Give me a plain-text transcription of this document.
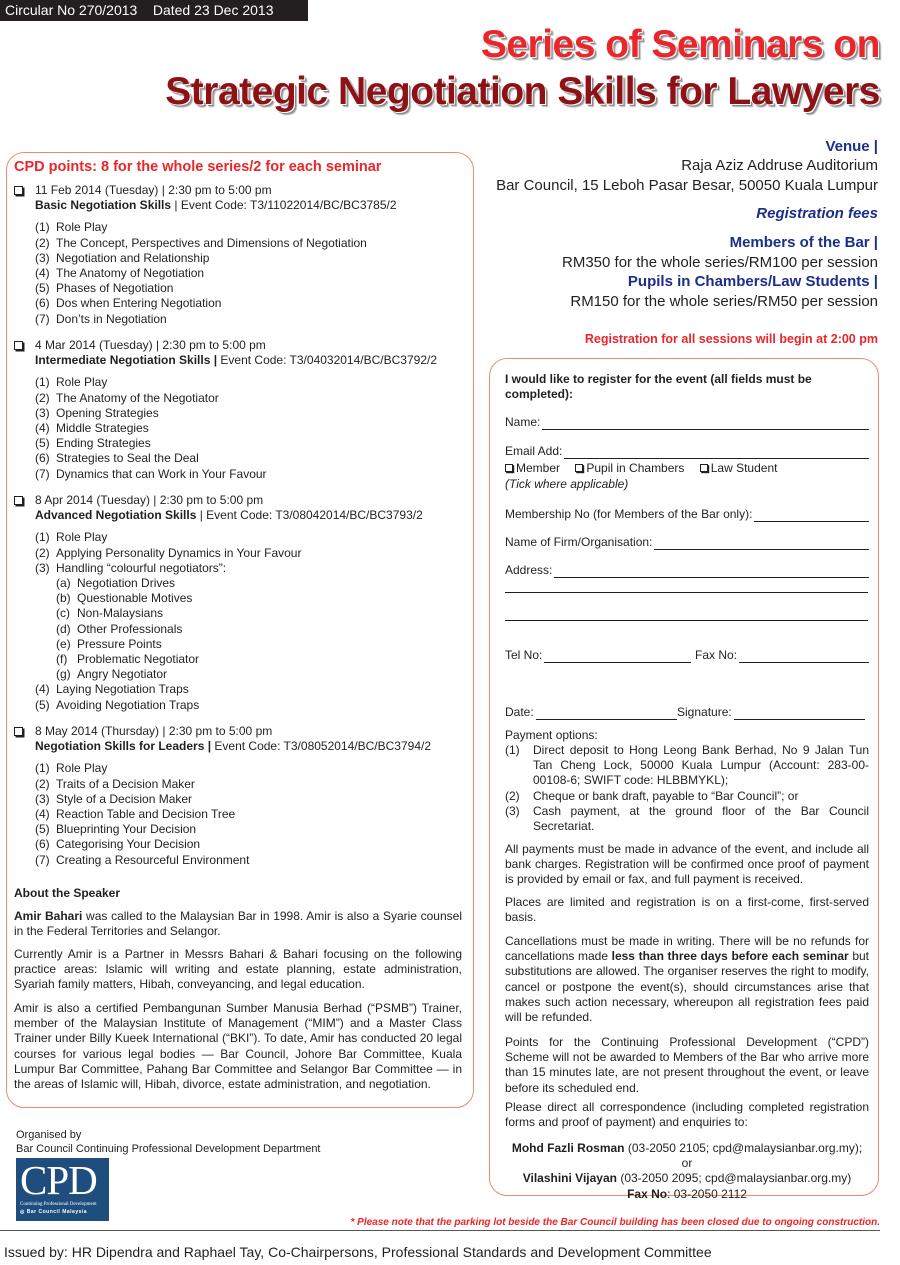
Circular No 270/2013 Dated 23 Dec 2013
Series of Seminars on
Strategic Negotiation Skills for Lawyers
CPD points: 8 for the whole series/2 for each seminar
11 Feb 2014 (Tuesday) | 2:30 pm to 5:00 pm
Basic Negotiation Skills | Event Code: T3/11022014/BC/BC3785/2
(1) Role Play
(2) The Concept, Perspectives and Dimensions of Negotiation
(3) Negotiation and Relationship
(4) The Anatomy of Negotiation
(5) Phases of Negotiation
(6) Dos when Entering Negotiation
(7) Don’ts in Negotiation
4 Mar 2014 (Tuesday) | 2:30 pm to 5:00 pm
Intermediate Negotiation Skills | Event Code: T3/04032014/BC/BC3792/2
(1) Role Play
(2) The Anatomy of the Negotiator
(3) Opening Strategies
(4) Middle Strategies
(5) Ending Strategies
(6) Strategies to Seal the Deal
(7) Dynamics that can Work in Your Favour
8 Apr 2014 (Tuesday) | 2:30 pm to 5:00 pm
Advanced Negotiation Skills | Event Code: T3/08042014/BC/BC3793/2
(1) Role Play
(2) Applying Personality Dynamics in Your Favour
(3) Handling “colourful negotiators”:
(a) Negotiation Drives
(b) Questionable Motives
(c) Non-Malaysians
(d) Other Professionals
(e) Pressure Points
(f) Problematic Negotiator
(g) Angry Negotiator
(4) Laying Negotiation Traps
(5) Avoiding Negotiation Traps
8 May 2014 (Thursday) | 2:30 pm to 5:00 pm
Negotiation Skills for Leaders | Event Code: T3/08052014/BC/BC3794/2
(1) Role Play
(2) Traits of a Decision Maker
(3) Style of a Decision Maker
(4) Reaction Table and Decision Tree
(5) Blueprinting Your Decision
(6) Categorising Your Decision
(7) Creating a Resourceful Environment
About the Speaker
Amir Bahari was called to the Malaysian Bar in 1998. Amir is also a Syarie counsel in the Federal Territories and Selangor.
Currently Amir is a Partner in Messrs Bahari & Bahari focusing on the following practice areas: Islamic will writing and estate planning, estate administration, Syariah family matters, Hibah, conveyancing, and legal education.
Amir is also a certified Pembangunan Sumber Manusia Berhad (“PSMB”) Trainer, member of the Malaysian Institute of Management (“MIM”) and a Master Class Trainer under Billy Kueek International (“BKI”). To date, Amir has conducted 20 legal courses for various legal bodies — Bar Council, Johore Bar Committee, Kuala Lumpur Bar Committee, Pahang Bar Committee and Selangor Bar Committee — in the areas of Islamic will, Hibah, divorce, estate administration, and negotiation.
Organised by
Bar Council Continuing Professional Development Department
CPD
Continuing Professional Development
◎ Bar Council Malaysia
Venue |
Raja Aziz Addruse Auditorium
Bar Council, 15 Leboh Pasar Besar, 50050 Kuala Lumpur
Registration fees
Members of the Bar |
RM350 for the whole series/RM100 per session
Pupils in Chambers/Law Students |
RM150 for the whole series/RM50 per session
Registration for all sessions will begin at 2:00 pm
I would like to register for the event (all fields must be completed):
Name:
Email Add:
Member Pupil in Chambers Law Student
(Tick where applicable)
Membership No (for Members of the Bar only):
Name of Firm/Organisation:
Address:
Tel No:	Fax No:
Date:	Signature:
Payment options:
(1) Direct deposit to Hong Leong Bank Berhad, No 9 Jalan Tun Tan Cheng Lock, 50000 Kuala Lumpur (Account: 283-00-00108-6; SWIFT code: HLBBMYKL);
(2) Cheque or bank draft, payable to “Bar Council”; or
(3) Cash payment, at the ground floor of the Bar Council Secretariat.
All payments must be made in advance of the event, and include all bank charges. Registration will be confirmed once proof of payment is provided by email or fax, and full payment is received.
Places are limited and registration is on a first-come, first-served basis.
Cancellations must be made in writing. There will be no refunds for cancellations made less than three days before each seminar but substitutions are allowed. The organiser reserves the right to modify, cancel or postpone the event(s), should circumstances arise that makes such action necessary, whereupon all registration fees paid will be refunded.
Points for the Continuing Professional Development (“CPD”) Scheme will not be awarded to Members of the Bar who arrive more than 15 minutes late, are not present throughout the event, or leave before its scheduled end.
Please direct all correspondence (including completed registration forms and proof of payment) and enquiries to:
Mohd Fazli Rosman (03-2050 2105; cpd@malaysianbar.org.my); or
Vilashini Vijayan (03-2050 2095; cpd@malaysianbar.org.my)
Fax No: 03-2050 2112
* Please note that the parking lot beside the Bar Council building has been closed due to ongoing construction.
Issued by: HR Dipendra and Raphael Tay, Co-Chairpersons, Professional Standards and Development Committee
